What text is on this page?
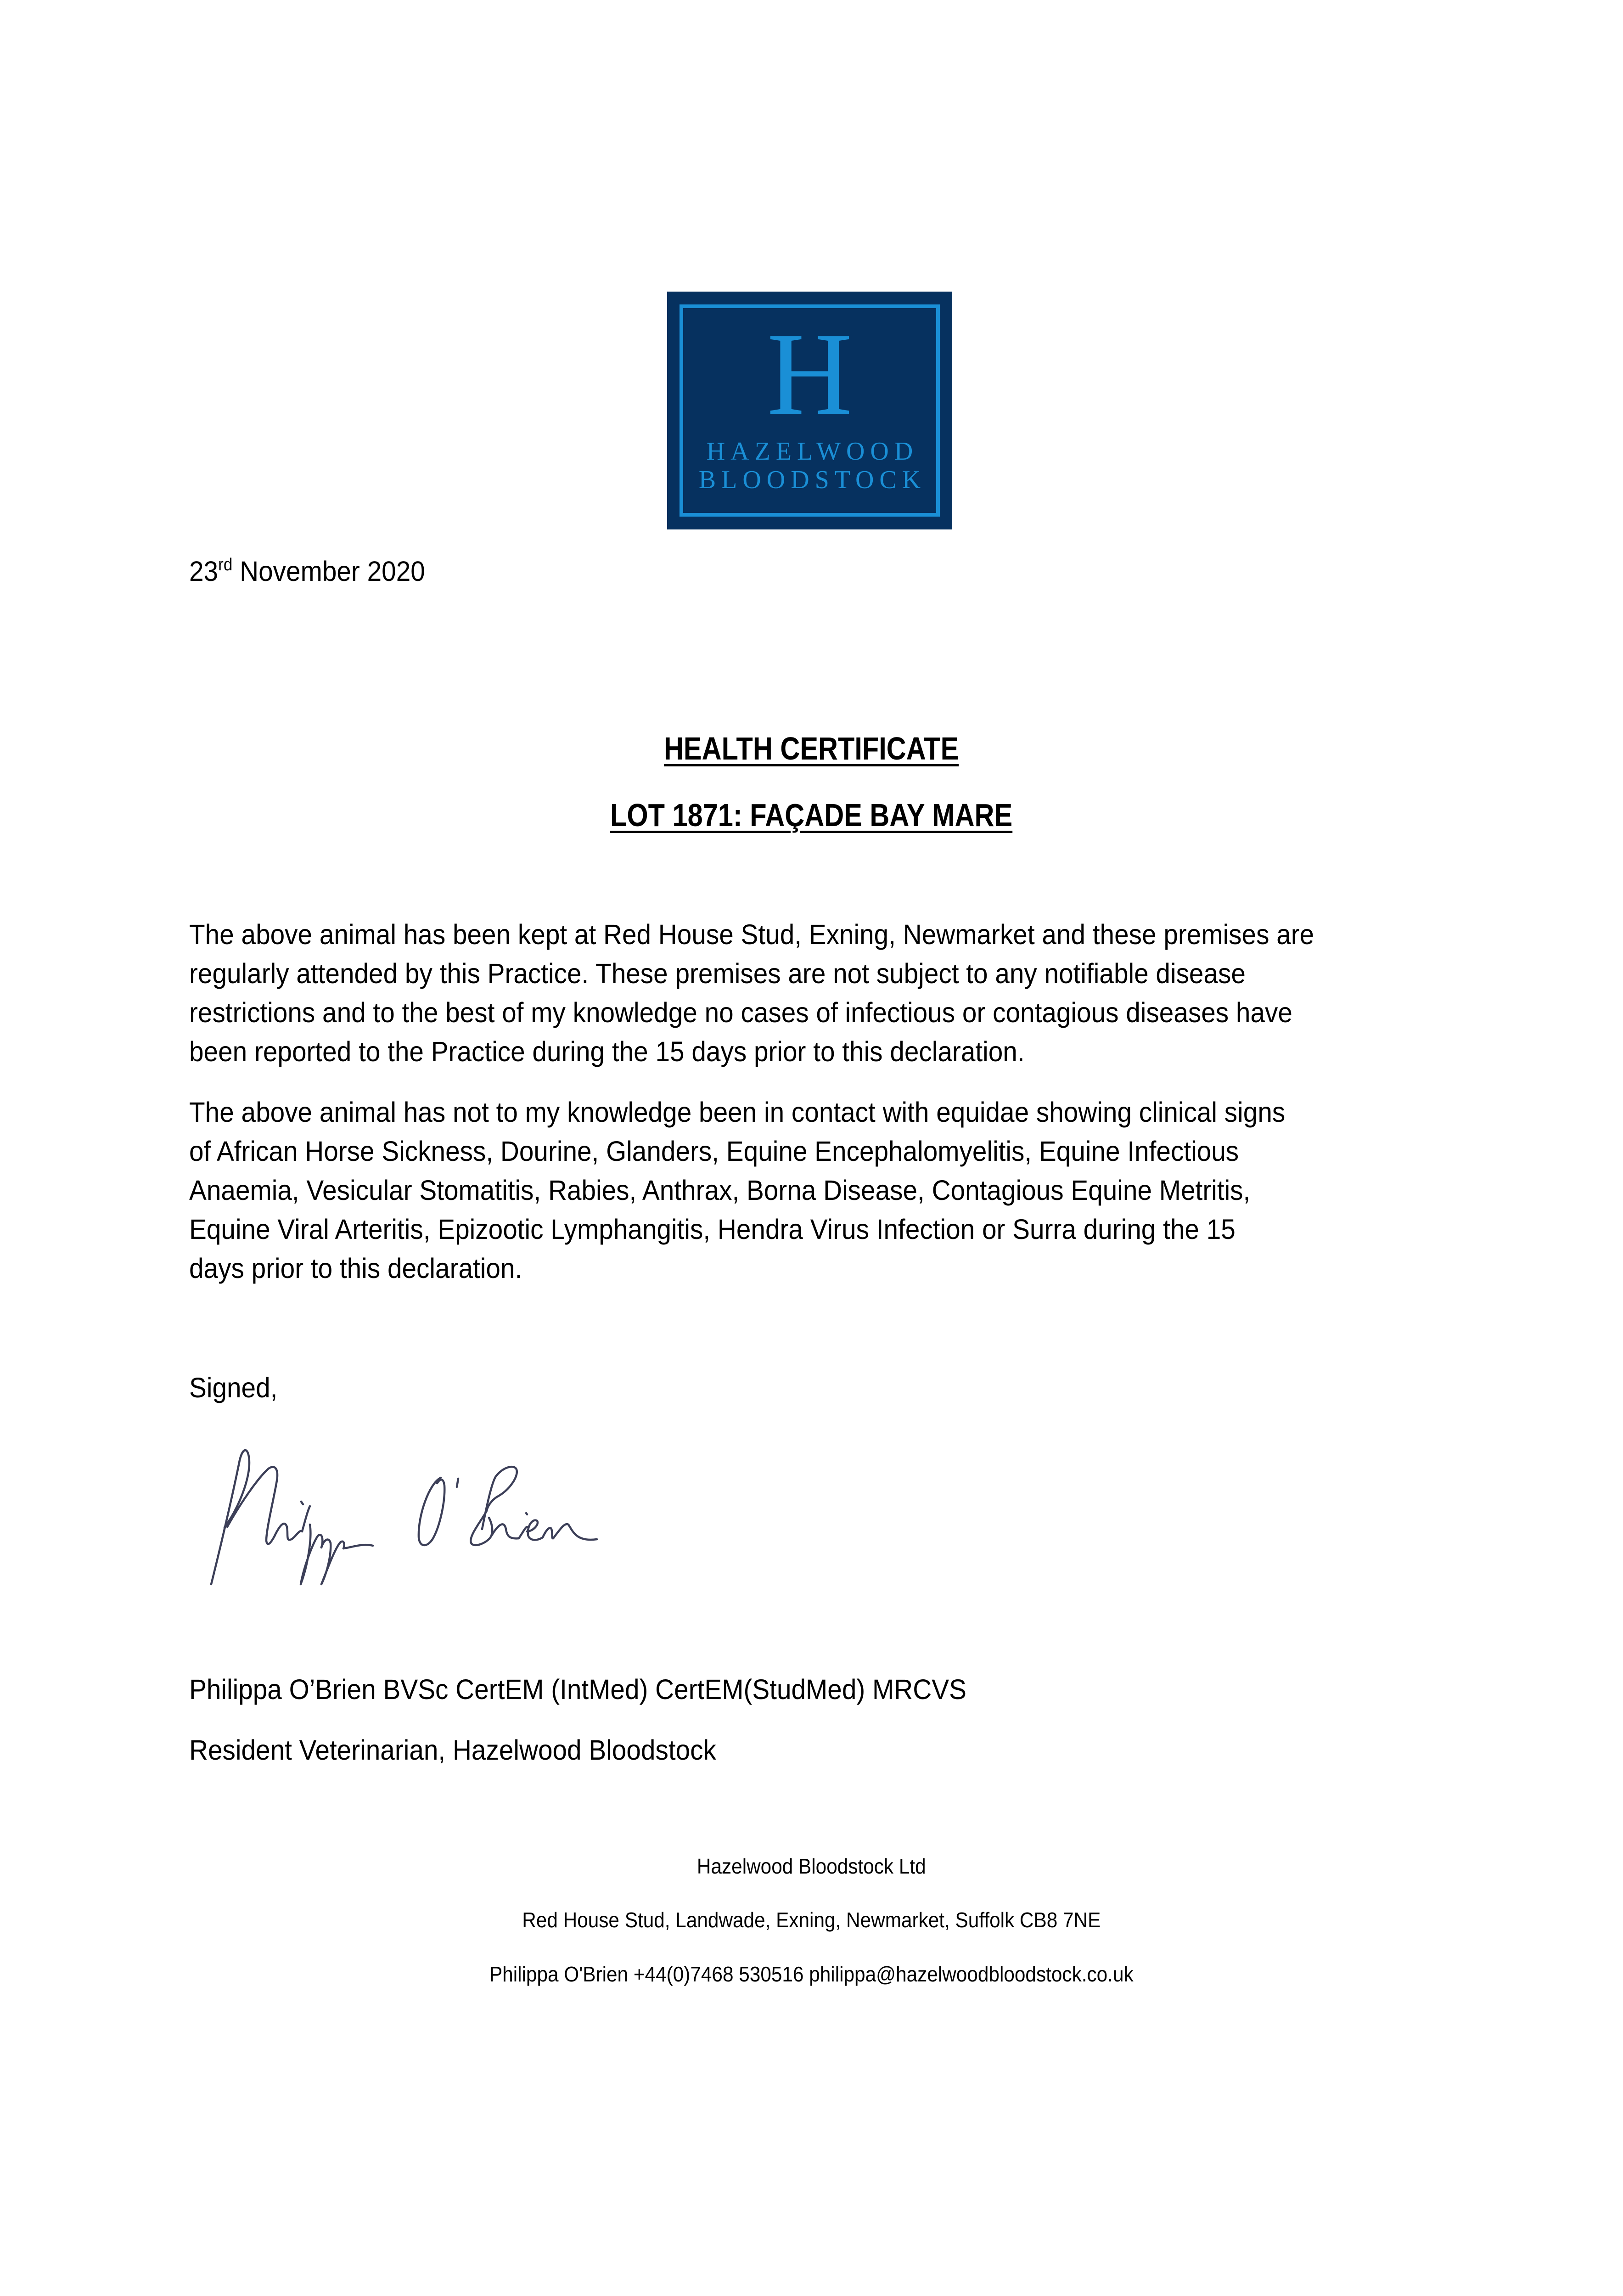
H
HAZELWOOD
BLOODSTOCK
23rd November 2020
HEALTH CERTIFICATE
LOT 1871: FAÇADE BAY MARE
The above animal has been kept at Red House Stud, Exning, Newmarket and these premises are
regularly attended by this Practice. These premises are not subject to any notifiable disease
restrictions and to the best of my knowledge no cases of infectious or contagious diseases have
been reported to the Practice during the 15 days prior to this declaration.
The above animal has not to my knowledge been in contact with equidae showing clinical signs
of African Horse Sickness, Dourine, Glanders, Equine Encephalomyelitis, Equine Infectious
Anaemia, Vesicular Stomatitis, Rabies, Anthrax, Borna Disease, Contagious Equine Metritis,
Equine Viral Arteritis, Epizootic Lymphangitis, Hendra Virus Infection or Surra during the 15
days prior to this declaration.
Signed,
Philippa O’Brien BVSc CertEM (IntMed) CertEM(StudMed) MRCVS
Resident Veterinarian, Hazelwood Bloodstock
Hazelwood Bloodstock Ltd
Red House Stud, Landwade, Exning, Newmarket, Suffolk CB8 7NE
Philippa O'Brien +44(0)7468 530516 philippa@hazelwoodbloodstock.co.uk
